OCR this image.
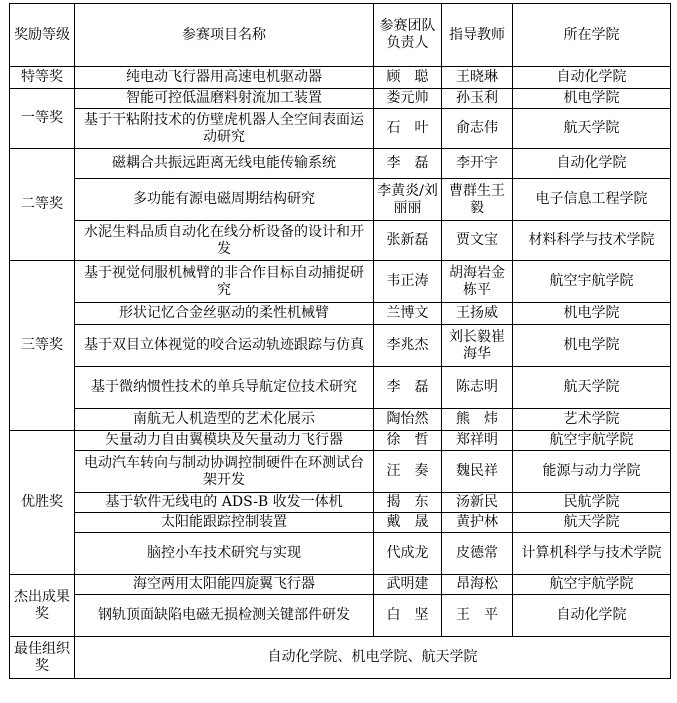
奖励等级	参赛项目名称	参赛团队负责人	指导教师	所在学院
特等奖	纯电动飞行器用高速电机驱动器	顾　聪	王晓琳	自动化学院
一等奖	智能可控低温磨料射流加工装置	娄元帅	孙玉利	机电学院
	基于干粘附技术的仿壁虎机器人全空间表面运动研究	石　叶	俞志伟	航天学院
二等奖	磁耦合共振远距离无线电能传输系统	李　磊	李开宇	自动化学院
	多功能有源电磁周期结构研究	李黄炎/刘丽丽	曹群生王　毅	电子信息工程学院
	水泥生料品质自动化在线分析设备的设计和开发	张新磊	贾文宝	材料科学与技术学院
三等奖	基于视觉伺服机械臂的非合作目标自动捕捉研究	韦正涛	胡海岩金栋平	航空宇航学院
	形状记忆合金丝驱动的柔性机械臂	兰博文	王扬威	机电学院
	基于双目立体视觉的咬合运动轨迹跟踪与仿真	李兆杰	刘长毅崔海华	机电学院
	基于微纳惯性技术的单兵导航定位技术研究	李　磊	陈志明	航天学院
	南航无人机造型的艺术化展示	陶怡然	熊　炜	艺术学院
优胜奖	矢量动力自由翼模块及矢量动力飞行器	徐　哲	郑祥明	航空宇航学院
	电动汽车转向与制动协调控制硬件在环测试台架开发	汪　奏	魏民祥	能源与动力学院
	基于软件无线电的 ADS-B 收发一体机	揭　东	汤新民	民航学院
	太阳能跟踪控制装置	戴　晟	黄护林	航天学院
	脑控小车技术研究与实现	代成龙	皮德常	计算机科学与技术学院
杰出成果奖	海空两用太阳能四旋翼飞行器	武明建	昂海松	航空宇航学院
	钢轨顶面缺陷电磁无损检测关键部件研发	白　坚	王　平	自动化学院
最佳组织奖	自动化学院、机电学院、航天学院			
